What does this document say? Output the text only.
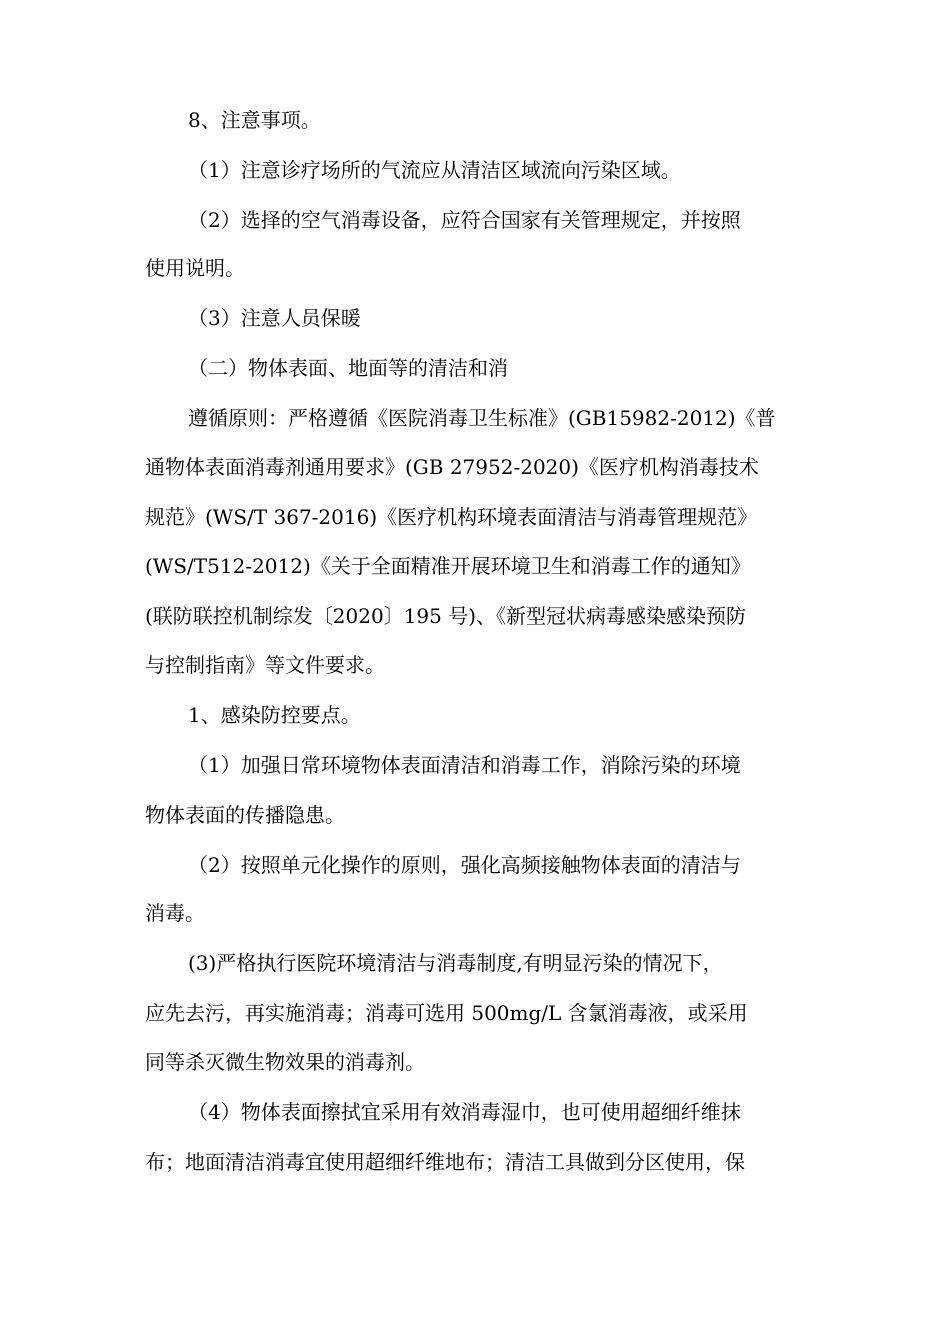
8、注意事项。
（1）注意诊疗场所的气流应从清洁区域流向污染区域。
（2）选择的空气消毒设备，应符合国家有关管理规定，并按照
使用说明。
（3）注意人员保暖
（二）物体表面、地面等的清洁和消
遵循原则：严格遵循《医院消毒卫生标准》(GB15982-2012)《普
通物体表面消毒剂通用要求》(GB 27952-2020)《医疗机构消毒技术
规范》(WS/T 367-2016)《医疗机构环境表面清洁与消毒管理规范》
(WS/T512-2012)《关于全面精准开展环境卫生和消毒工作的通知》
(联防联控机制综发〔2020〕195 号)、《新型冠状病毒感染感染预防
与控制指南》等文件要求。
1、感染防控要点。
（1）加强日常环境物体表面清洁和消毒工作，消除污染的环境
物体表面的传播隐患。
（2）按照单元化操作的原则，强化高频接触物体表面的清洁与
消毒。
(3)严格执行医院环境清洁与消毒制度,有明显污染的情况下，
应先去污，再实施消毒；消毒可选用 500mg/L 含氯消毒液，或采用
同等杀灭微生物效果的消毒剂。
（4）物体表面擦拭宜采用有效消毒湿巾，也可使用超细纤维抹
布；地面清洁消毒宜使用超细纤维地布；清洁工具做到分区使用，保
